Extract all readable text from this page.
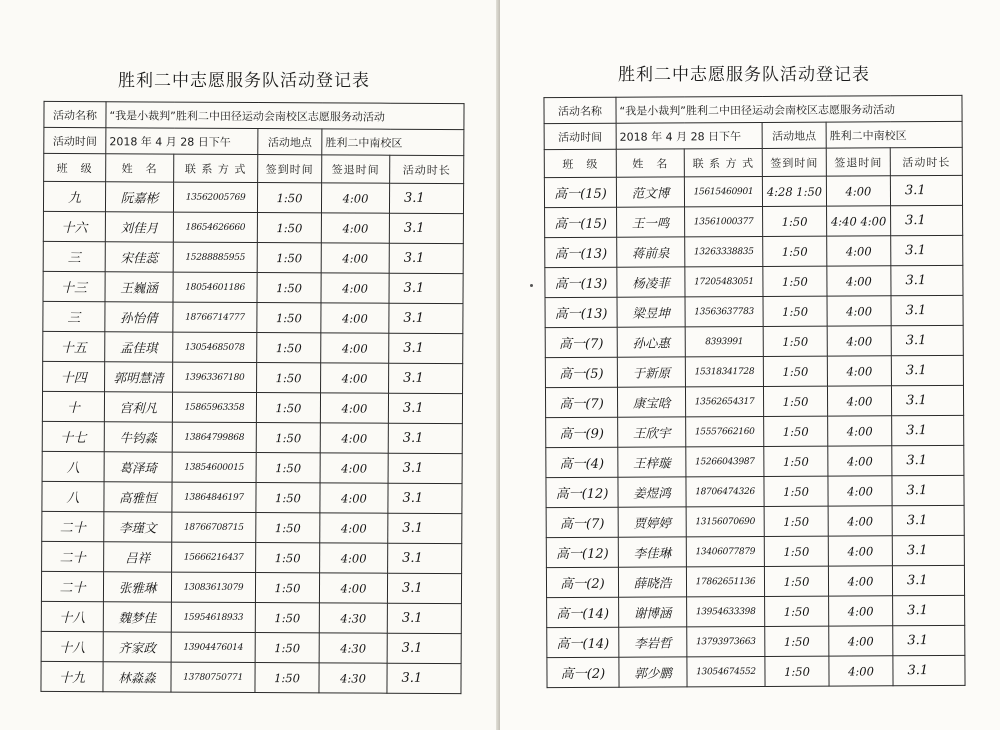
胜利二中志愿服务队活动登记表
活动名称	“我是小裁判”胜利二中田径运动会南校区志愿服务动活动				
活动时间	2018 年 4 月 28 日下午		活动地点	胜利二中南校区	
班　级	姓　名	联 系 方 式	签到时间	签退时间	活动时长
九	阮嘉彬	13562005769	1:50	4:00	3.1
十六	刘佳月	18654626660	1:50	4:00	3.1
三	宋佳蕊	15288885955	1:50	4:00	3.1
十三	王巍涵	18054601186	1:50	4:00	3.1
三	孙怡倩	18766714777	1:50	4:00	3.1
十五	孟佳琪	13054685078	1:50	4:00	3.1
十四	郭明慧清	13963367180	1:50	4:00	3.1
十	宫利凡	15865963358	1:50	4:00	3.1
十七	牛钧淼	13864799868	1:50	4:00	3.1
八	葛泽琦	13854600015	1:50	4:00	3.1
八	高雅恒	13864846197	1:50	4:00	3.1
二十	李瑾文	18766708715	1:50	4:00	3.1
二十	吕祥	15666216437	1:50	4:00	3.1
二十	张雅琳	13083613079	1:50	4:00	3.1
十八	魏梦佳	15954618933	1:50	4:30	3.1
十八	齐家政	13904476014	1:50	4:30	3.1
十九	林淼淼	13780750771	1:50	4:30	3.1
胜利二中志愿服务队活动登记表
活动名称	“我是小裁判”胜利二中田径运动会南校区志愿服务动活动				
活动时间	2018 年 4 月 28 日下午		活动地点	胜利二中南校区	
班　级	姓　名	联 系 方 式	签到时间	签退时间	活动时长
高一(15)	范文博	15615460901	4:28 1:50	4:00	3.1
高一(15)	王一鸣	13561000377	1:50	4:40 4:00	3.1
高一(13)	蒋前泉	13263338835	1:50	4:00	3.1
高一(13)	杨凌菲	17205483051	1:50	4:00	3.1
高一(13)	梁昱坤	13563637783	1:50	4:00	3.1
高一(7)	孙心惠	8393991	1:50	4:00	3.1
高一(5)	于新原	15318341728	1:50	4:00	3.1
高一(7)	康宝晗	13562654317	1:50	4:00	3.1
高一(9)	王欣宇	15557662160	1:50	4:00	3.1
高一(4)	王梓璇	15266043987	1:50	4:00	3.1
高一(12)	姜煜鸿	18706474326	1:50	4:00	3.1
高一(7)	贾婷婷	13156070690	1:50	4:00	3.1
高一(12)	李佳琳	13406077879	1:50	4:00	3.1
高一(2)	薛晓浩	17862651136	1:50	4:00	3.1
高一(14)	谢博涵	13954633398	1:50	4:00	3.1
高一(14)	李岩哲	13793973663	1:50	4:00	3.1
高一(2)	郭少鹏	13054674552	1:50	4:00	3.1
